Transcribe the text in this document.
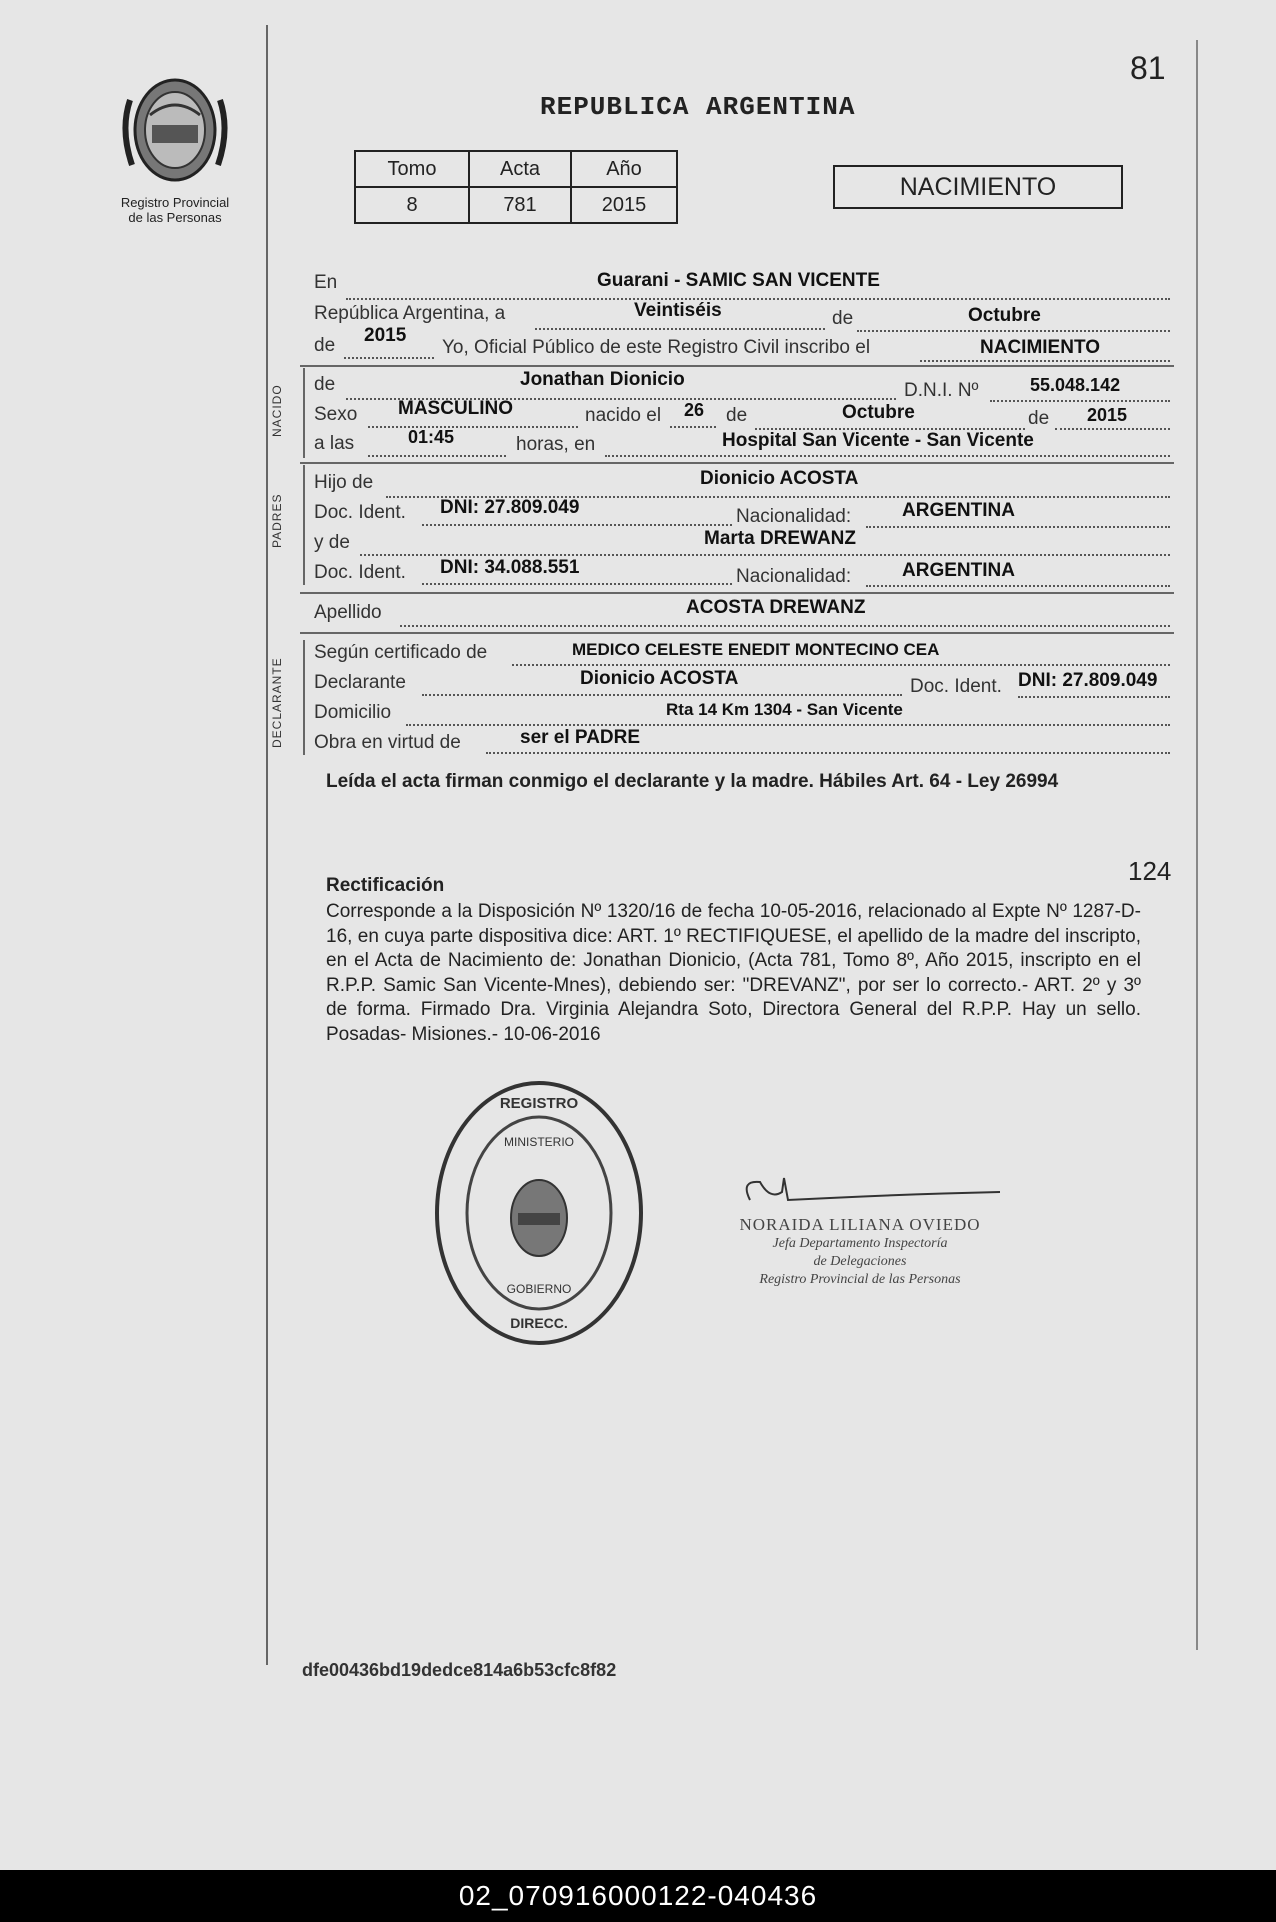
Registro Provincial
de las Personas
81
REPUBLICA ARGENTINA
Tomo	Acta	Año
8	781	2015
NACIMIENTO
En	Guarani - SAMIC SAN VICENTE
República Argentina, a	Veintiséis	de	Octubre
de 2015
Yo, Oficial Público de este Registro Civil inscribo el	NACIMIENTO
NACIDO de	Jonathan Dionicio
D.N.I. Nº	55.048.142
Sexo MASCULINO	nacido el 26 de	Octubre	de 2015
a las	01:45	horas, en	Hospital San Vicente - San Vicente
PADRES
Hijo de	Dionicio ACOSTA
Doc. Ident. DNI: 27.809.049	Nacionalidad:	ARGENTINA
y de	Marta DREWANZ
Doc. Ident. DNI: 34.088.551	Nacionalidad:	ARGENTINA
Apellido	ACOSTA DREWANZ
DECLARANTE
Según certificado de	MEDICO CELESTE ENEDIT MONTECINO CEA
Declarante	Dionicio ACOSTA	Doc. Ident. DNI: 27.809.049
Domicilio	Rta 14 Km 1304 - San Vicente
Obra en virtud de	ser el PADRE
Leída el acta firman conmigo el declarante y la madre. Hábiles Art. 64 - Ley 26994
124
Rectificación
Corresponde a la Disposición Nº 1320/16 de fecha 10-05-2016, relacionado al Expte Nº 1287-D-16, en cuya parte dispositiva dice: ART. 1º RECTIFIQUESE, el apellido de la madre del inscripto, en el Acta de Nacimiento de: Jonathan Dionicio, (Acta 781, Tomo 8º, Año 2015, inscripto en el R.P.P. Samic San Vicente-Mnes), debiendo ser: "DREVANZ", por ser lo correcto.- ART. 2º y 3º de forma. Firmado Dra. Virginia Alejandra Soto, Directora General del R.P.P. Hay un sello. Posadas- Misiones.- 10-06-2016
REGISTRO
DIRECC.
MINISTERIO
GOBIERNO
NORAIDA LILIANA OVIEDO
Jefa Departamento Inspectoría
de Delegaciones
Registro Provincial de las Personas
dfe00436bd19dedce814a6b53cfc8f82
02_070916000122-040436
